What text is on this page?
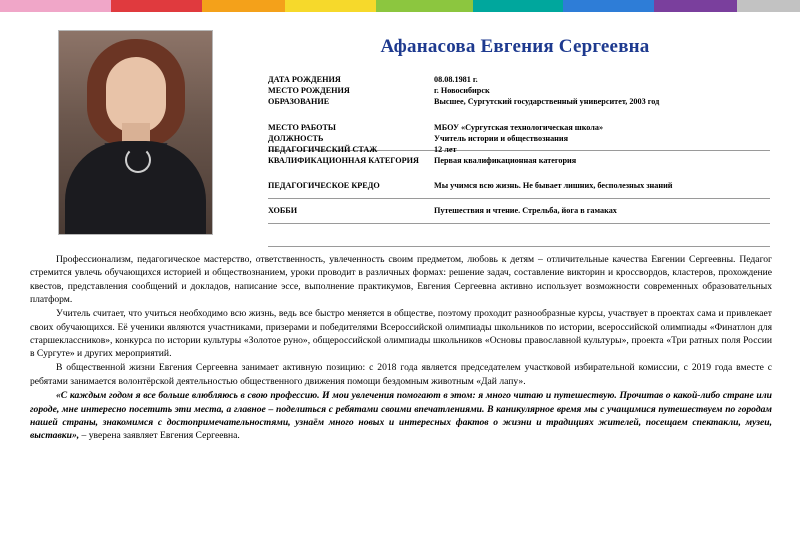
Афанасова Евгения Сергеевна
ДАТА РОЖДЕНИЯ	08.08.1981 г.
МЕСТО РОЖДЕНИЯ	г. Новосибирск
ОБРАЗОВАНИЕ	Высшее, Сургутский государственный университет, 2003 год
МЕСТО РАБОТЫ	МБОУ «Сургутская технологическая школа»
ДОЛЖНОСТЬ	Учитель истории и обществознания
ПЕДАГОГИЧЕСКИЙ СТАЖ	12 лет
КВАЛИФИКАЦИОННАЯ КАТЕГОРИЯ	Первая квалификационная категория
ПЕДАГОГИЧЕСКОЕ КРЕДО	Мы учимся всю жизнь. Не бывает лишних, бесполезных знаний
ХОББИ	Путешествия и чтение. Стрельба, йога в гамаках

Профессионализм, педагогическое мастерство, ответственность, увлеченность своим предметом, любовь к детям – отличительные качества Евгении Сергеевны. Педагог стремится увлечь обучающихся историей и обществознанием, уроки проводит в различных формах: решение задач, составление викторин и кроссвордов, кластеров, прохождение квестов, представления сообщений и докладов, написание эссе, выполнение практикумов, Евгения Сергеевна активно использует возможности современных образовательных платформ.

Учитель считает, что учиться необходимо всю жизнь, ведь все быстро меняется в обществе, поэтому проходит разнообразные курсы, участвует в проектах сама и привлекает своих обучающихся. Её ученики являются участниками, призерами и победителями Всероссийской олимпиады школьников по истории, всероссийской олимпиады «Финатлон для старшеклассников», конкурса по истории культуры «Золотое руно», общероссийской олимпиады школьников «Основы православной культуры», проекта «Три ратных поля России в Сургуте» и других мероприятий.

В общественной жизни Евгения Сергеевна занимает активную позицию: с 2018 года является председателем участковой избирательной комиссии, с 2019 года вместе с ребятами занимается волонтёрской деятельностью общественного движения помощи бездомным животным «Дай лапу».

«С каждым годом я все больше влюбляюсь в свою профессию. И мои увлечения помогают в этом: я много читаю и путешествую. Прочитав о какой-либо стране или городе, мне интересно посетить эти места, а главное – поделиться с ребятами своими впечатлениями. В каникулярное время мы с учащимися путешествуем по городам нашей страны, знакомимся с достопримечательностями, узнаём много новых и интересных фактов о жизни и традициях жителей, посещаем спектакли, музеи, выставки», – уверена заявляет Евгения Сергеевна.
